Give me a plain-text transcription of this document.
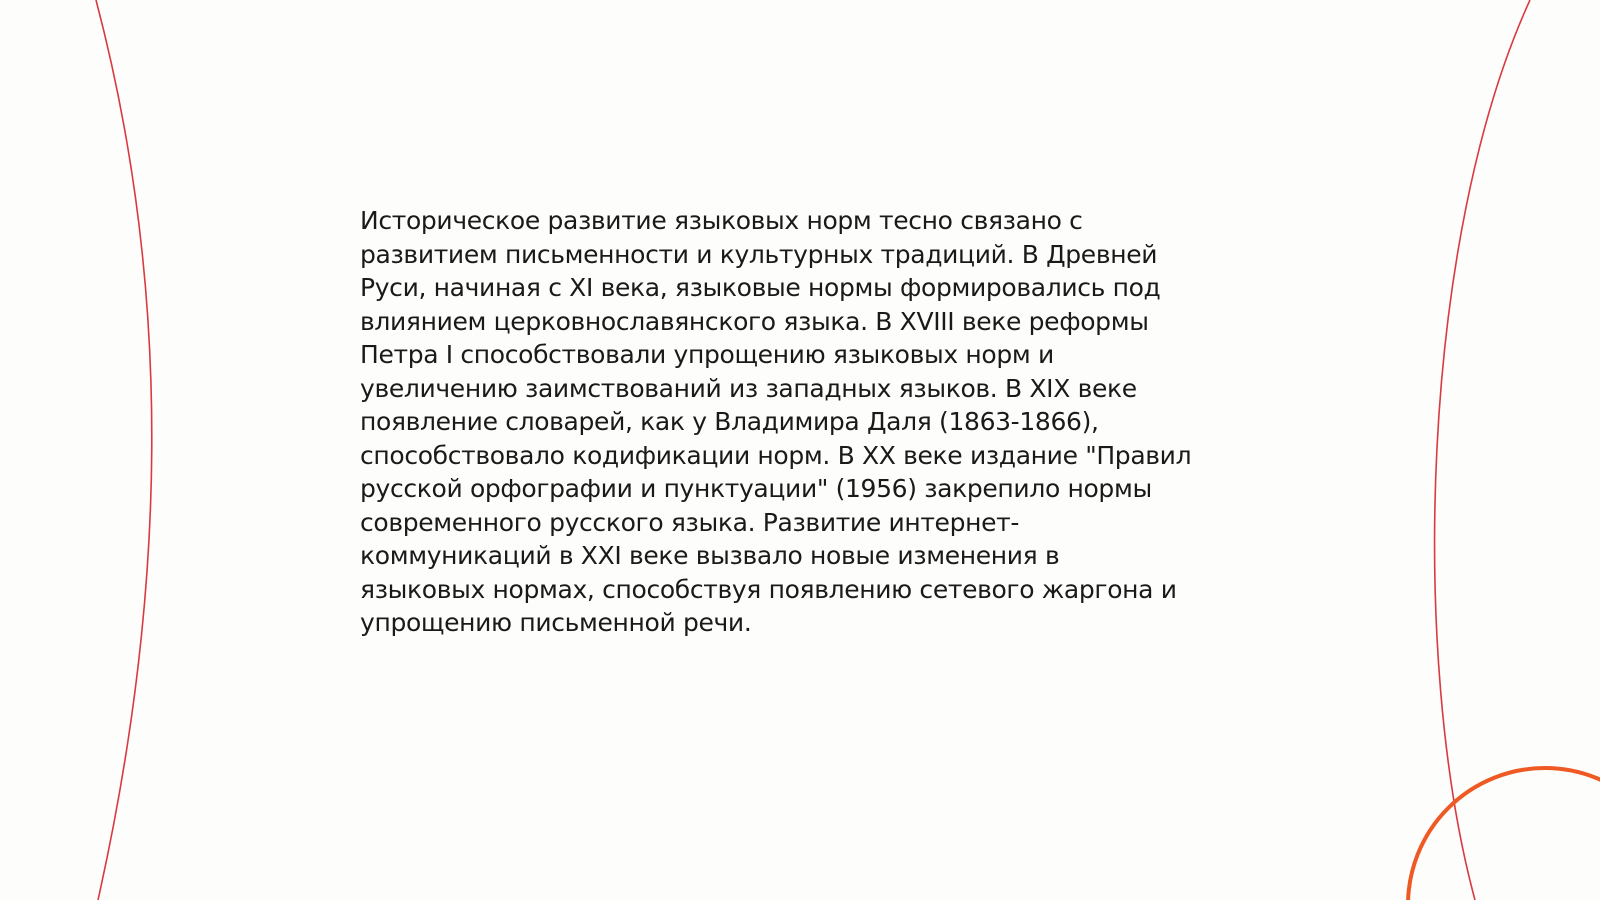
Историческое развитие языковых норм тесно связано с
развитием письменности и культурных традиций. В Древней
Руси, начиная с XI века, языковые нормы формировались под
влиянием церковнославянского языка. В XVIII веке реформы
Петра I способствовали упрощению языковых норм и
увеличению заимствований из западных языков. В XIX веке
появление словарей, как у Владимира Даля (1863-1866),
способствовало кодификации норм. В XX веке издание "Правил
русской орфографии и пунктуации" (1956) закрепило нормы
современного русского языка. Развитие интернет-
коммуникаций в XXI веке вызвало новые изменения в
языковых нормах, способствуя появлению сетевого жаргона и
упрощению письменной речи.
